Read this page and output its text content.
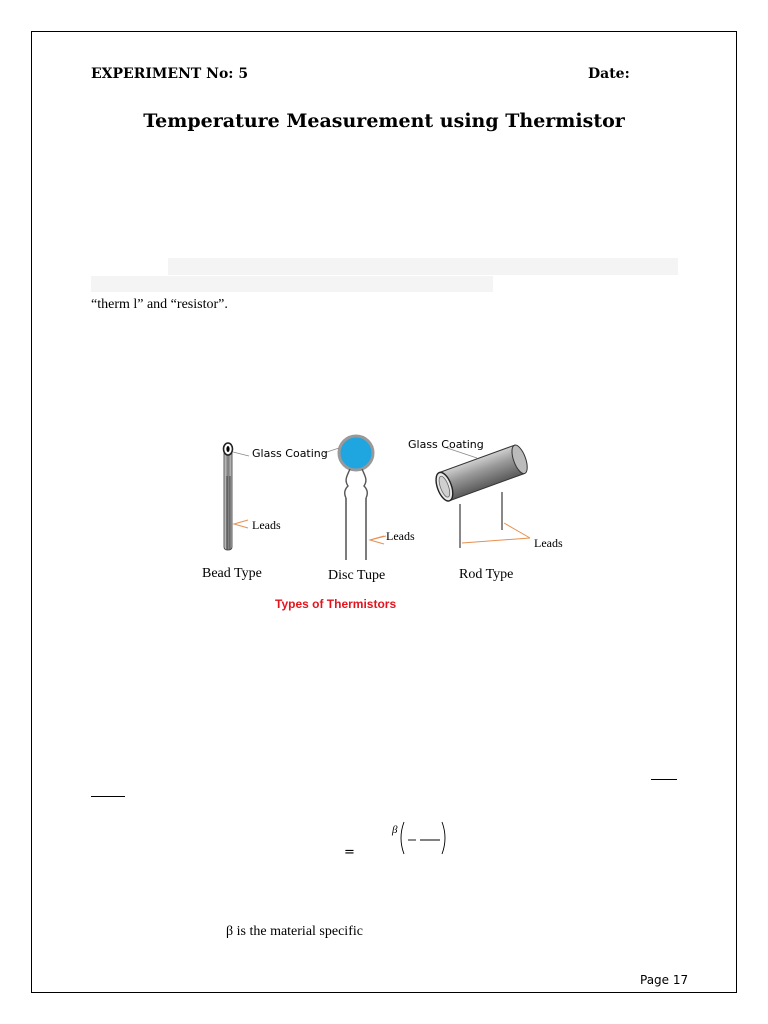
EXPERIMENT No: 5	Date:
Temperature Measurement using Thermistor
“therm l” and “resistor”.
Glass Coating
Glass Coating
Leads
Leads	Leads
Bead Type	Disc Tupe	Rod Type
Types of Thermistors
=
β
β is the material specific
Page 17
